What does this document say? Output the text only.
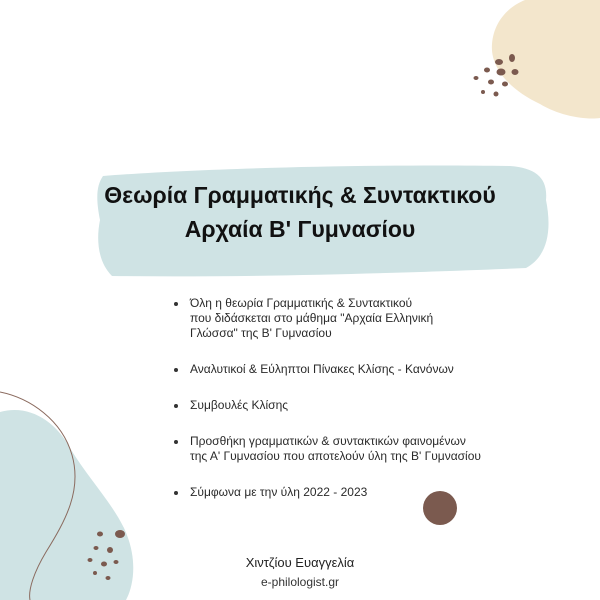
Θεωρία Γραμματικής & Συντακτικού
Αρχαία Β' Γυμνασίου
Όλη η θεωρία Γραμματικής & Συντακτικού
που διδάσκεται στο μάθημα "Αρχαία Ελληνική
Γλώσσα" της Β' Γυμνασίου
Αναλυτικοί & Εύληπτοι Πίνακες Κλίσης - Κανόνων
Συμβουλές Κλίσης
Προσθήκη γραμματικών & συντακτικών φαινομένων
της Α' Γυμνασίου που αποτελούν ύλη της Β' Γυμνασίου
Σύμφωνα με την ύλη 2022 - 2023
Χιντζίου Ευαγγελία
e-philologist.gr
